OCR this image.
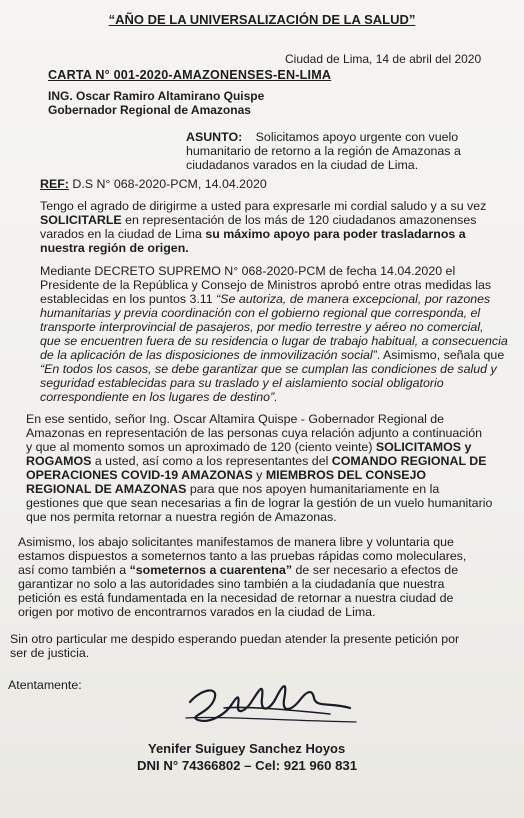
“AÑO DE LA UNIVERSALIZACIÓN DE LA SALUD”
Ciudad de Lima, 14 de abril del 2020
CARTA N° 001-2020-AMAZONENSES-EN-LIMA
ING. Oscar Ramiro Altamirano Quispe
Gobernador Regional de Amazonas
ASUNTO: Solicitamos apoyo urgente con vuelo
humanitario de retorno a la región de Amazonas a
ciudadanos varados en la ciudad de Lima.
REF: D.S N° 068-2020-PCM, 14.04.2020
Tengo el agrado de dirigirme a usted para expresarle mi cordial saludo y a su vez
SOLICITARLE en representación de los más de 120 ciudadanos amazonenses
varados en la ciudad de Lima su máximo apoyo para poder trasladarnos a
nuestra región de origen.
Mediante DECRETO SUPREMO N° 068-2020-PCM de fecha 14.04.2020 el
Presidente de la República y Consejo de Ministros aprobó entre otras medidas las
establecidas en los puntos 3.11 “Se autoriza, de manera excepcional, por razones
humanitarias y previa coordinación con el gobierno regional que corresponda, el
transporte interprovincial de pasajeros, por medio terrestre y aéreo no comercial,
que se encuentren fuera de su residencia o lugar de trabajo habitual, a consecuencia
de la aplicación de las disposiciones de inmovilización social”. Asimismo, señala que
“En todos los casos, se debe garantizar que se cumplan las condiciones de salud y
seguridad establecidas para su traslado y el aislamiento social obligatorio
correspondiente en los lugares de destino”.
En ese sentido, señor Ing. Oscar Altamira Quispe - Gobernador Regional de
Amazonas en representación de las personas cuya relación adjunto a continuación
y que al momento somos un aproximado de 120 (ciento veinte) SOLICITAMOS y
ROGAMOS a usted, así como a los representantes del COMANDO REGIONAL DE
OPERACIONES COVID-19 AMAZONAS y MIEMBROS DEL CONSEJO
REGIONAL DE AMAZONAS para que nos apoyen humanitariamente en la
gestiones que que sean necesarias a fin de lograr la gestión de un vuelo humanitario
que nos permita retornar a nuestra región de Amazonas.
Asimismo, los abajo solicitantes manifestamos de manera libre y voluntaria que
estamos dispuestos a someternos tanto a las pruebas rápidas como moleculares,
así como también a “someternos a cuarentena” de ser necesario a efectos de
garantizar no solo a las autoridades sino también a la ciudadanía que nuestra
petición es está fundamentada en la necesidad de retornar a nuestra ciudad de
origen por motivo de encontrarnos varados en la ciudad de Lima.
Sin otro particular me despido esperando puedan atender la presente petición por
ser de justicia.
Atentamente:
Yenifer Suiguey Sanchez Hoyos
DNI N° 74366802 – Cel: 921 960 831
